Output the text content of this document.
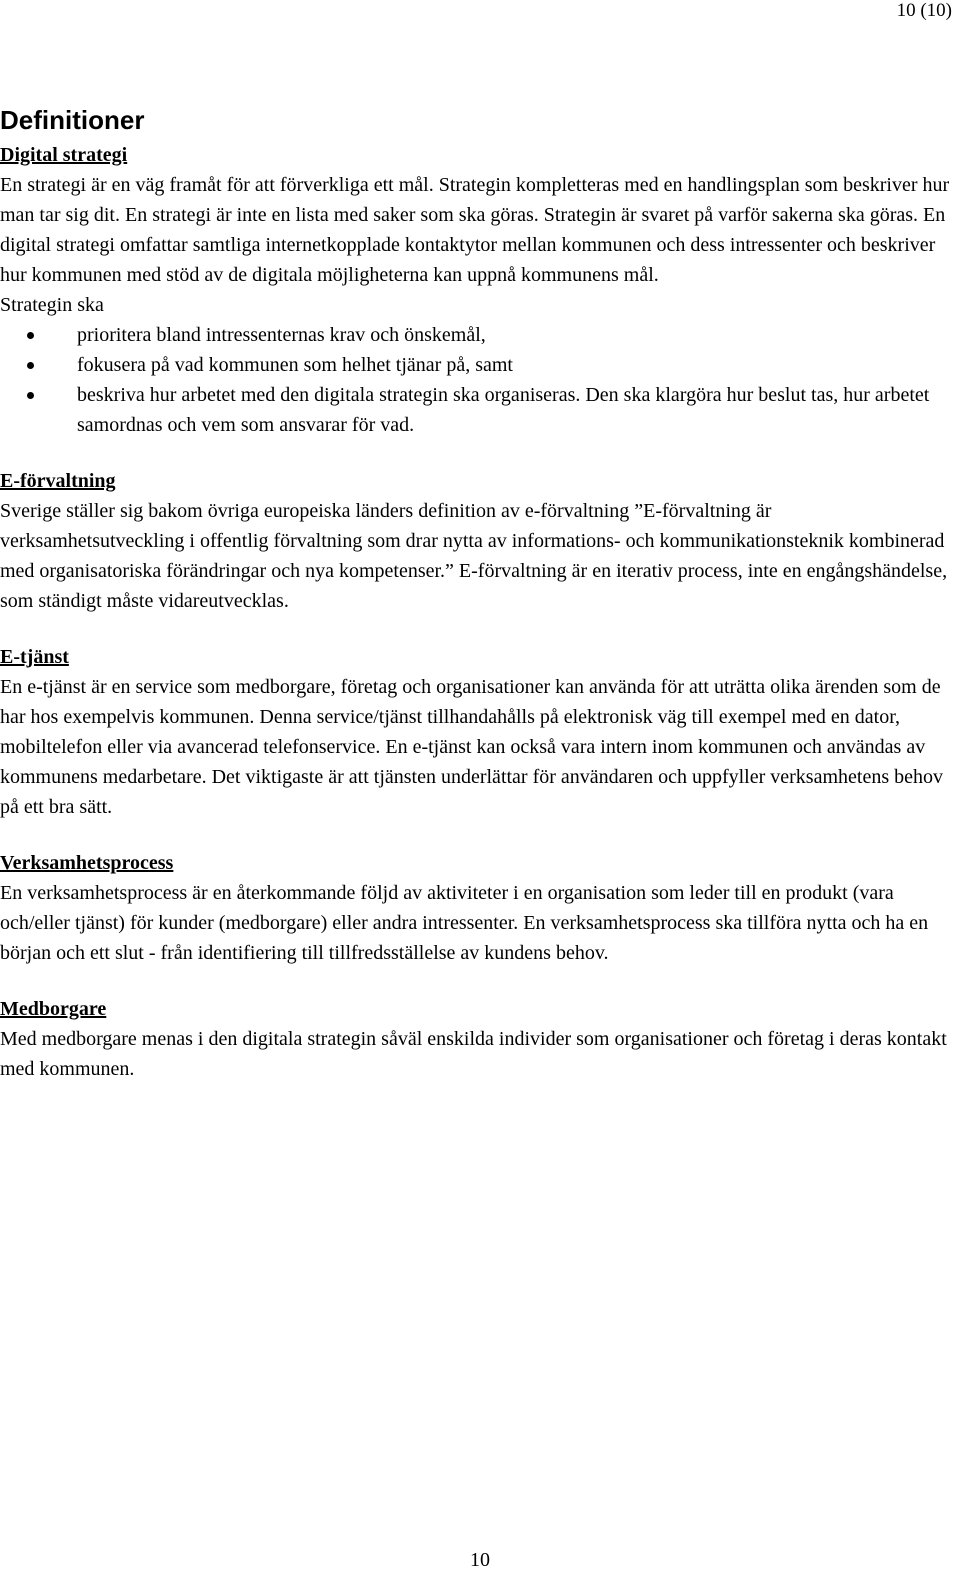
10 (10)
Definitioner

Digital strategi

En strategi är en väg framåt för att förverkliga ett mål. Strategin kompletteras med en handlingsplan som beskriver hur man tar sig dit. En strategi är inte en lista med saker som ska göras. Strategin är svaret på varför sakerna ska göras. En digital strategi omfattar samtliga internetkopplade kontaktytor mellan kommunen och dess intressenter och beskriver hur kommunen med stöd av de digitala möjligheterna kan uppnå kommunens mål.

Strategin ska

prioritera bland intressenternas krav och önskemål,
fokusera på vad kommunen som helhet tjänar på, samt
beskriva hur arbetet med den digitala strategin ska organiseras. Den ska klargöra hur beslut tas, hur arbetet samordnas och vem som ansvarar för vad.

E-förvaltning

Sverige ställer sig bakom övriga europeiska länders definition av e-förvaltning ”E-förvaltning är verksamhetsutveckling i offentlig förvaltning som drar nytta av informations- och kommunikationsteknik kombinerad med organisatoriska förändringar och nya kompetenser.” E-förvaltning är en iterativ process, inte en engångshändelse, som ständigt måste vidareutvecklas.

E-tjänst

En e-tjänst är en service som medborgare, företag och organisationer kan använda för att uträtta olika ärenden som de har hos exempelvis kommunen. Denna service/tjänst tillhandahålls på elektronisk väg till exempel med en dator, mobiltelefon eller via avancerad telefonservice. En e-tjänst kan också vara intern inom kommunen och användas av kommunens medarbetare. Det viktigaste är att tjänsten underlättar för användaren och uppfyller verksamhetens behov på ett bra sätt.

Verksamhetsprocess

En verksamhetsprocess är en återkommande följd av aktiviteter i en organisation som leder till en produkt (vara och/eller tjänst) för kunder (medborgare) eller andra intressenter. En verksamhetsprocess ska tillföra nytta och ha en början och ett slut - från identifiering till tillfredsställelse av kundens behov.

Medborgare

Med medborgare menas i den digitala strategin såväl enskilda individer som organisationer och företag i deras kontakt med kommunen.

10
